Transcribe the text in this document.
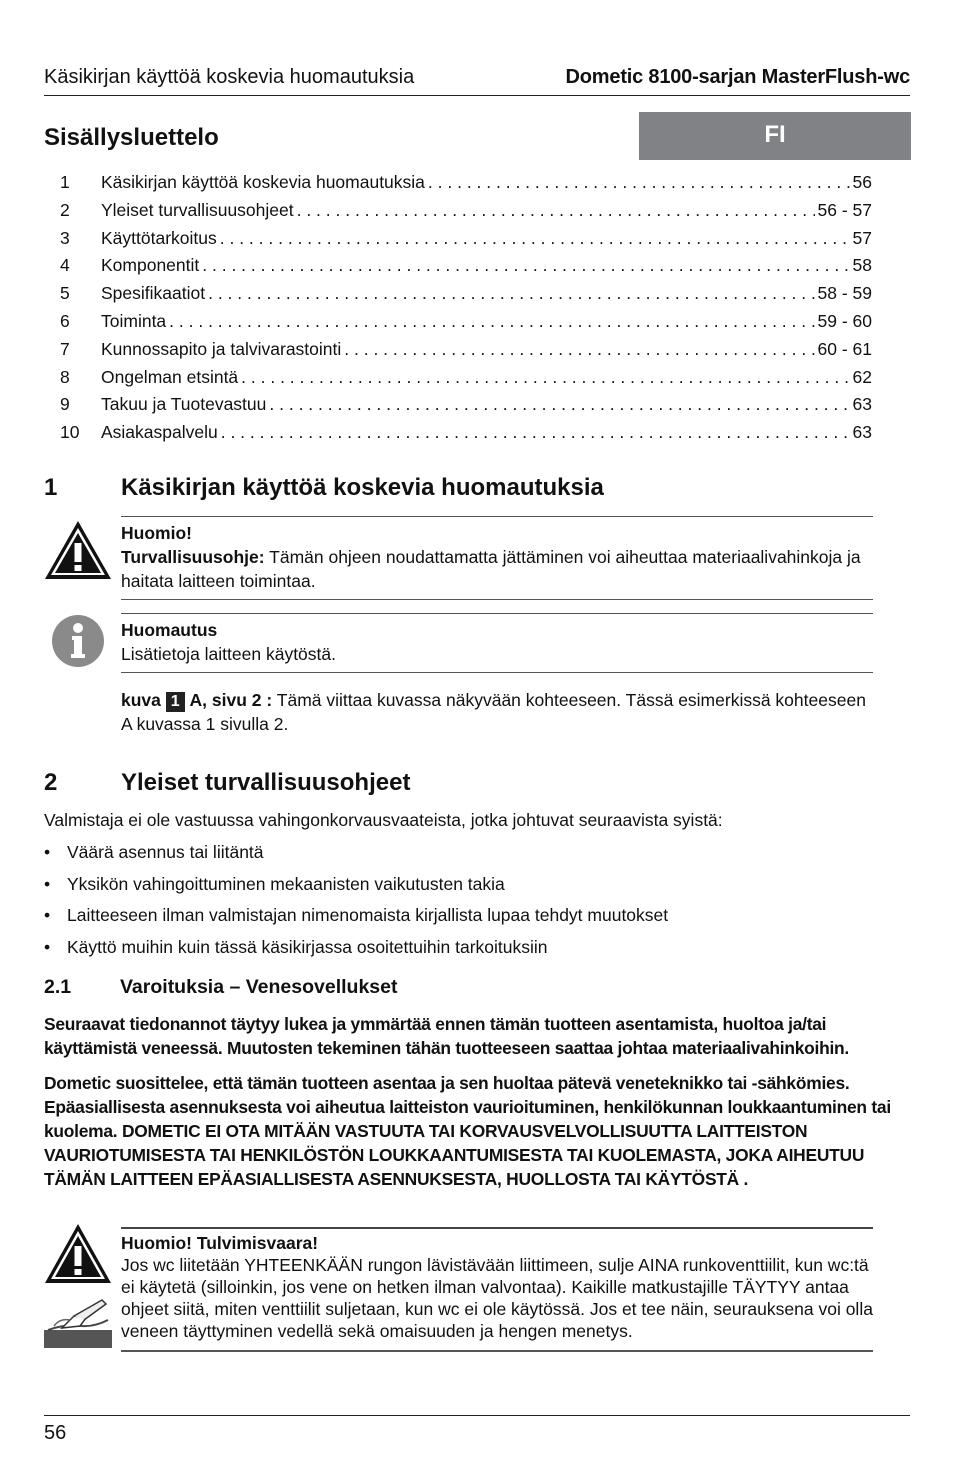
Käsikirjan käyttöä koskevia huomautuksia	Dometic 8100-sarjan MasterFlush-wc
Sisällysluettelo	FI
1	Käsikirjan käyttöä koskevia huomautuksia . . .	56
2	Yleiset turvallisuusohjeet . . .	56 - 57
3	Käyttötarkoitus . . .	57
4	Komponentit . . .	58
5	Spesifikaatiot . . .	58 - 59
6	Toiminta . . .	59 - 60
7	Kunnossapito ja talvivarastointi . . .	60 - 61
8	Ongelman etsintä . . .	62
9	Takuu ja Tuotevastuu . . .	63
10	Asiakaspalvelu . . .	63
1	Käsikirjan käyttöä koskevia huomautuksia
Huomio!
Turvallisuusohje: Tämän ohjeen noudattamatta jättäminen voi aiheuttaa materiaalivahinkoja ja haitata laitteen toimintaa.
Huomautus
Lisätietoja laitteen käytöstä.
kuva 1 A, sivu 2 : Tämä viittaa kuvassa näkyvään kohteeseen. Tässä esimerkissä kohteeseen A kuvassa 1 sivulla 2.
2	Yleiset turvallisuusohjeet
Valmistaja ei ole vastuussa vahingonkorvausvaateista, jotka johtuvat seuraavista syistä:
• Väärä asennus tai liitäntä
• Yksikön vahingoittuminen mekaanisten vaikutusten takia
• Laitteeseen ilman valmistajan nimenomaista kirjallista lupaa tehdyt muutokset
• Käyttö muihin kuin tässä käsikirjassa osoitettuihin tarkoituksiin
2.1	Varoituksia – Venesovellukset
Seuraavat tiedonannot täytyy lukea ja ymmärtää ennen tämän tuotteen asentamista, huoltoa ja/tai käyttämistä veneessä. Muutosten tekeminen tähän tuotteeseen saattaa johtaa materiaalivahinkoihin.
Dometic suosittelee, että tämän tuotteen asentaa ja sen huoltaa pätevä veneteknikko tai -sähkömies. Epäasiallisesta asennuksesta voi aiheutua laitteiston vaurioituminen, henkilökunnan loukkaantuminen tai kuolema. DOMETIC EI OTA MITÄÄN VASTUUTA TAI KORVAUSVELVOLLISUUTTA LAITTEISTON VAURIOTUMISESTA TAI HENKILÖSTÖN LOUKKAANTUMISESTA TAI KUOLEMASTA, JOKA AIHEUTUU TÄMÄN LAITTEEN EPÄASIALLISESTA ASENNUKSESTA, HUOLLOSTA TAI KÄYTÖSTÄ .
Huomio! Tulvimisvaara!
Jos wc liitetään YHTEENKÄÄN rungon lävistävään liittimeen, sulje AINA runkoventtiilit, kun wc:tä ei käytetä (silloinkin, jos vene on hetken ilman valvontaa). Kaikille matkustajille TÄYTYY antaa ohjeet siitä, miten venttiilit suljetaan, kun wc ei ole käytössä. Jos et tee näin, seurauksena voi olla veneen täyttyminen vedellä sekä omaisuuden ja hengen menetys.
56
